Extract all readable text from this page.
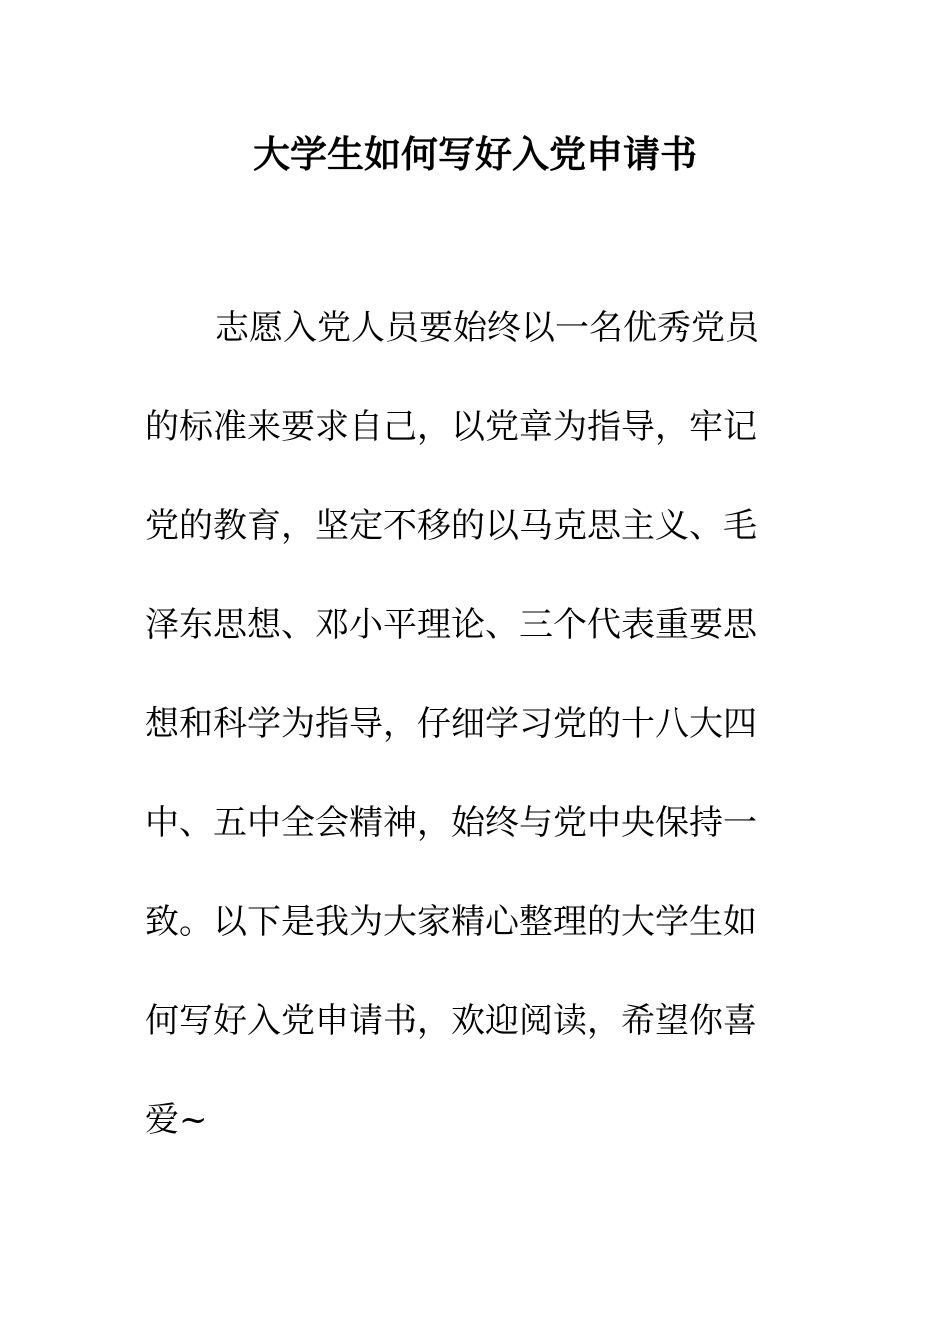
大学生如何写好入党申请书
志愿入党人员要始终以一名优秀党员
的标准来要求自己，以党章为指导，牢记
党的教育，坚定不移的以马克思主义、毛
泽东思想、邓小平理论、三个代表重要思
想和科学为指导，仔细学习党的十八大四
中、五中全会精神，始终与党中央保持一
致。以下是我为大家精心整理的大学生如
何写好入党申请书，欢迎阅读，希望你喜
爱~
